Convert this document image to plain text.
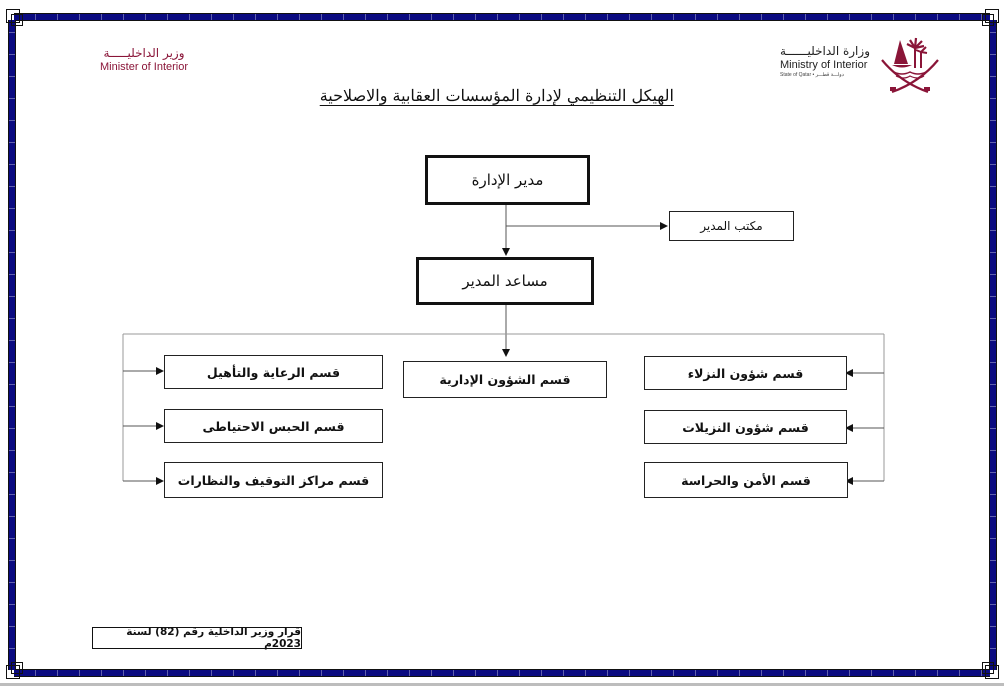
وزير الداخليـــــة
Minister of Interior
وزارة الداخليــــــة
Ministry of Interior
State of Qatar • دولـــة قطـــر
الهيكل التنظيمي لإدارة المؤسسات العقابية والاصلاحية
مدير الإدارة
مكتب المدير
مساعد المدير
قسم الشؤون الإدارية
قسم الرعاية والتأهيل
قسم الحبس الاحتياطى
قسم مراكز التوقيف والنظارات
قسم شؤون النزلاء
قسم شؤون النزيلات
قسم الأمن والحراسة
قرار وزير الداخلية رقم (82) لسنة 2023م
